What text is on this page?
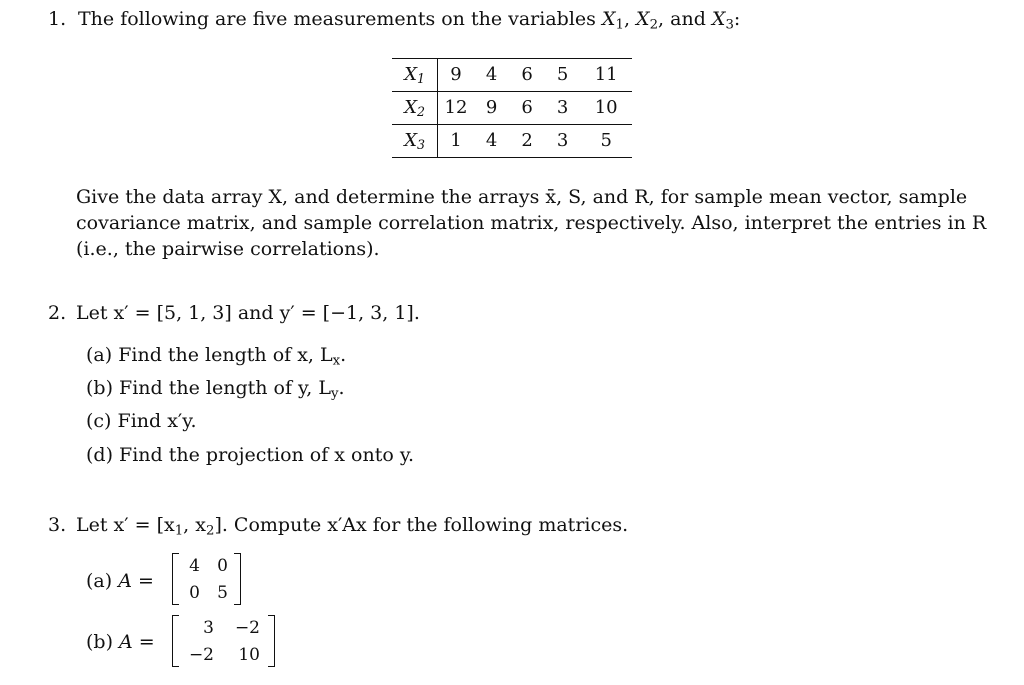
1. The following are five measurements on the variables $X_1$, $X_2$, and $X_3$:
$X_1$	9	4	6	5	11
$X_2$	12	9	6	3	10
$X_3$	1	4	2	3	5
Give the data array X, and determine the arrays x̄, S, and R, for sample mean vector, sample
covariance matrix, and sample correlation matrix, respectively. Also, interpret the entries in R
(i.e., the pairwise correlations).
2. Let x′ = [5, 1, 3] and y′ = [−1, 3, 1].
(a) Find the length of x, $L_x$.
(b) Find the length of y, $L_y$.
(c) Find x′y.
(d) Find the projection of x onto y.
3. Let $x' = [x_1$, $x_2$]. Compute x′Ax for the following matrices.
(a) A =
4	0
0	5
(b) A =
3 −2
−2	10
